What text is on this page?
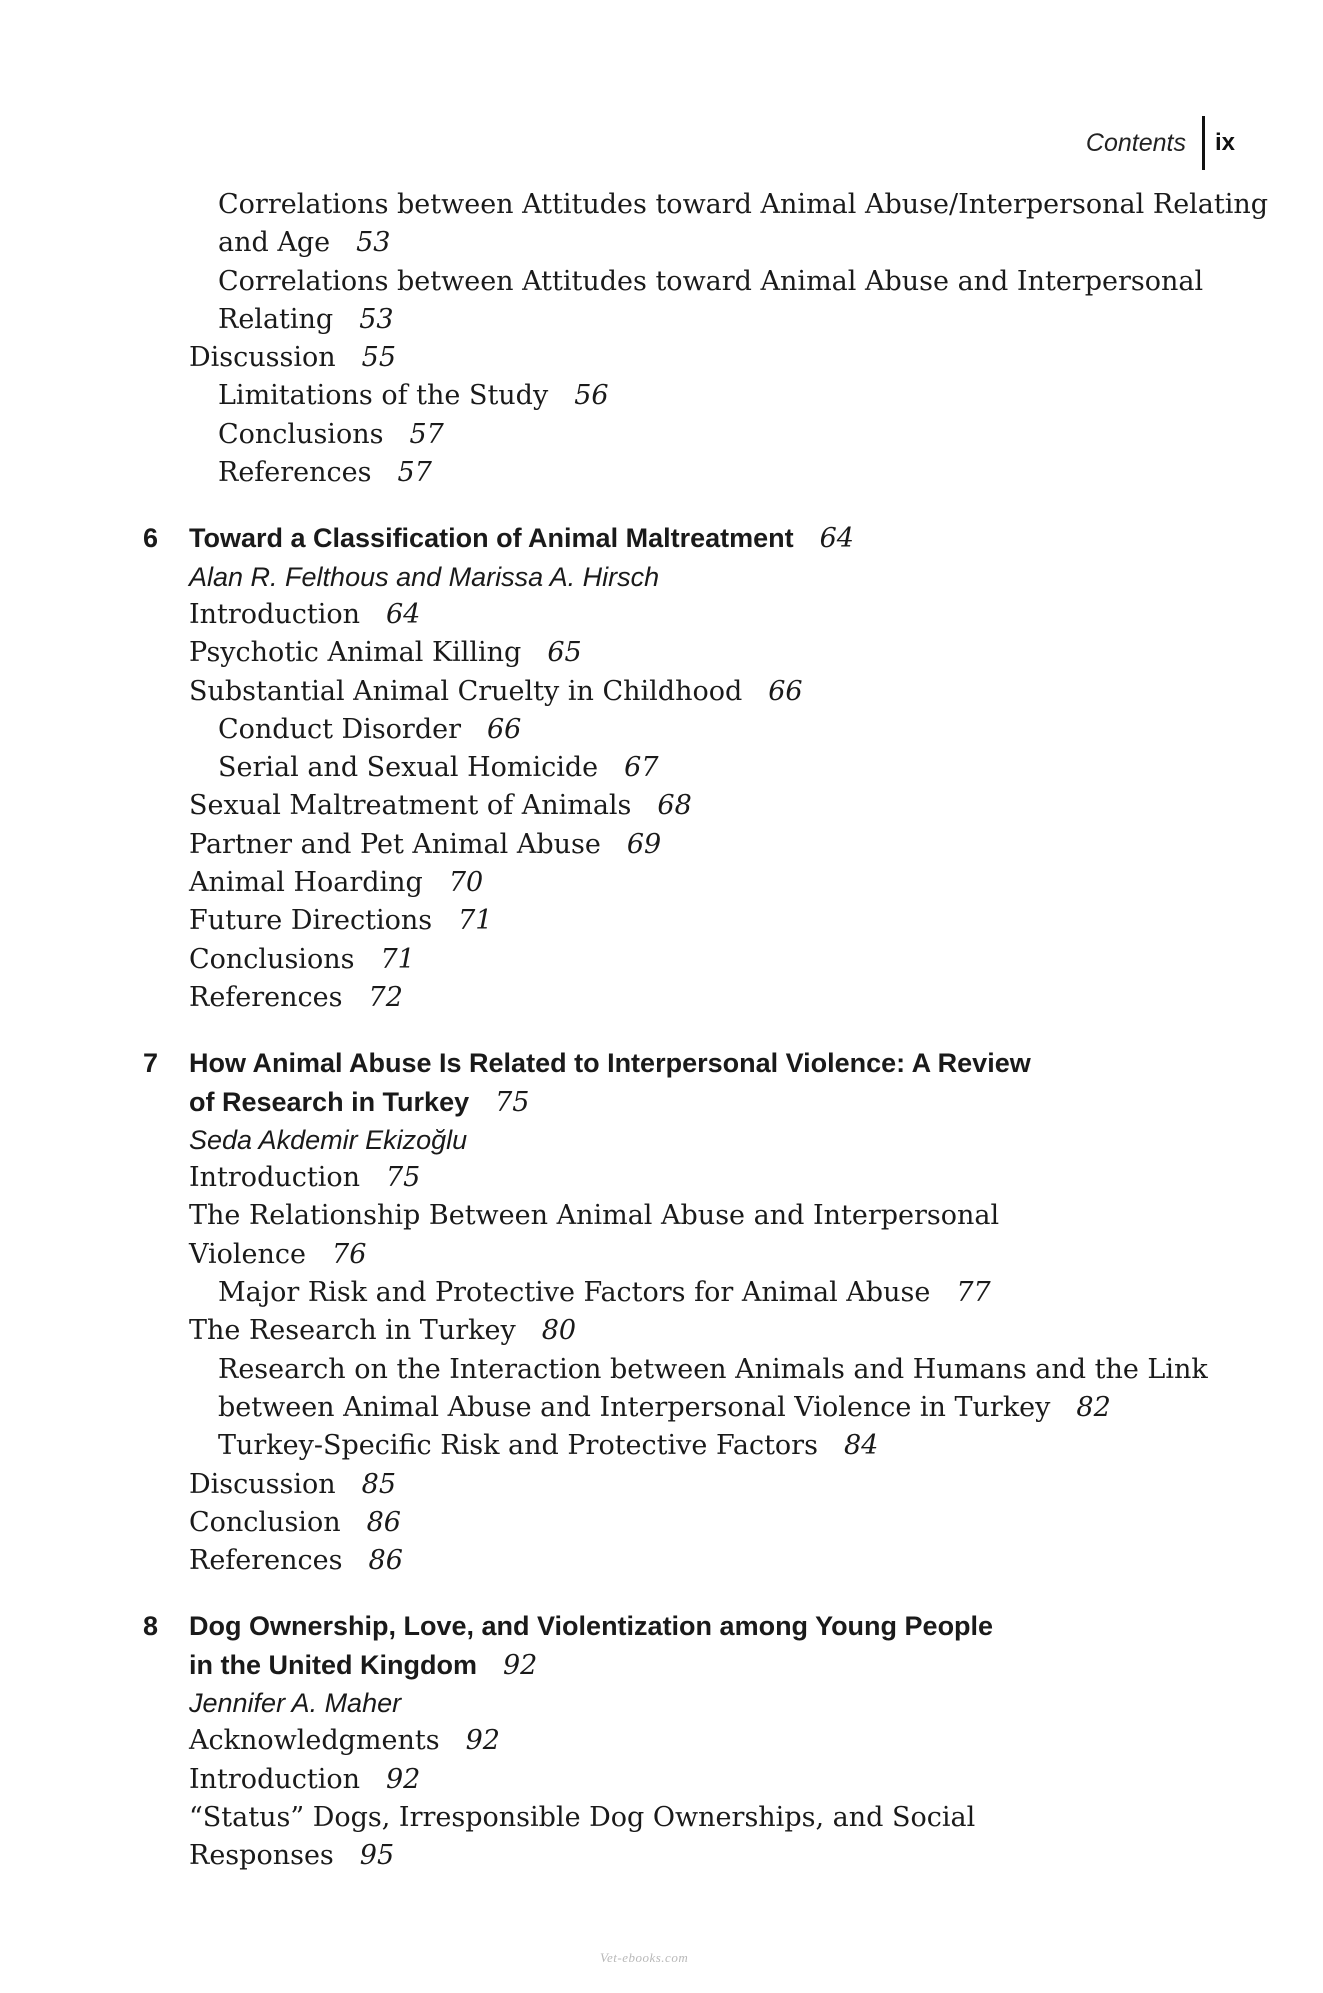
Contents ix
Correlations between Attitudes toward Animal Abuse/Interpersonal Relating
and Age 53
Correlations between Attitudes toward Animal Abuse and Interpersonal
Relating 53
Discussion 55
Limitations of the Study 56
Conclusions 57
References 57
6 Toward a Classification of Animal Maltreatment 64
Alan R. Felthous and Marissa A. Hirsch
Introduction 64
Psychotic Animal Killing 65
Substantial Animal Cruelty in Childhood 66
Conduct Disorder 66
Serial and Sexual Homicide 67
Sexual Maltreatment of Animals 68
Partner and Pet Animal Abuse 69
Animal Hoarding 70
Future Directions 71
Conclusions 71
References 72
7 How Animal Abuse Is Related to Interpersonal Violence: A Review
of Research in Turkey 75
Seda Akdemir Ekizoğlu
Introduction 75
The Relationship Between Animal Abuse and Interpersonal
Violence 76
Major Risk and Protective Factors for Animal Abuse 77
The Research in Turkey 80
Research on the Interaction between Animals and Humans and the Link
between Animal Abuse and Interpersonal Violence in Turkey 82
Turkey-Specific Risk and Protective Factors 84
Discussion 85
Conclusion 86
References 86
8 Dog Ownership, Love, and Violentization among Young People
in the United Kingdom 92
Jennifer A. Maher
Acknowledgments 92
Introduction 92
“Status” Dogs, Irresponsible Dog Ownerships, and Social
Responses 95
Vet-ebooks.com
